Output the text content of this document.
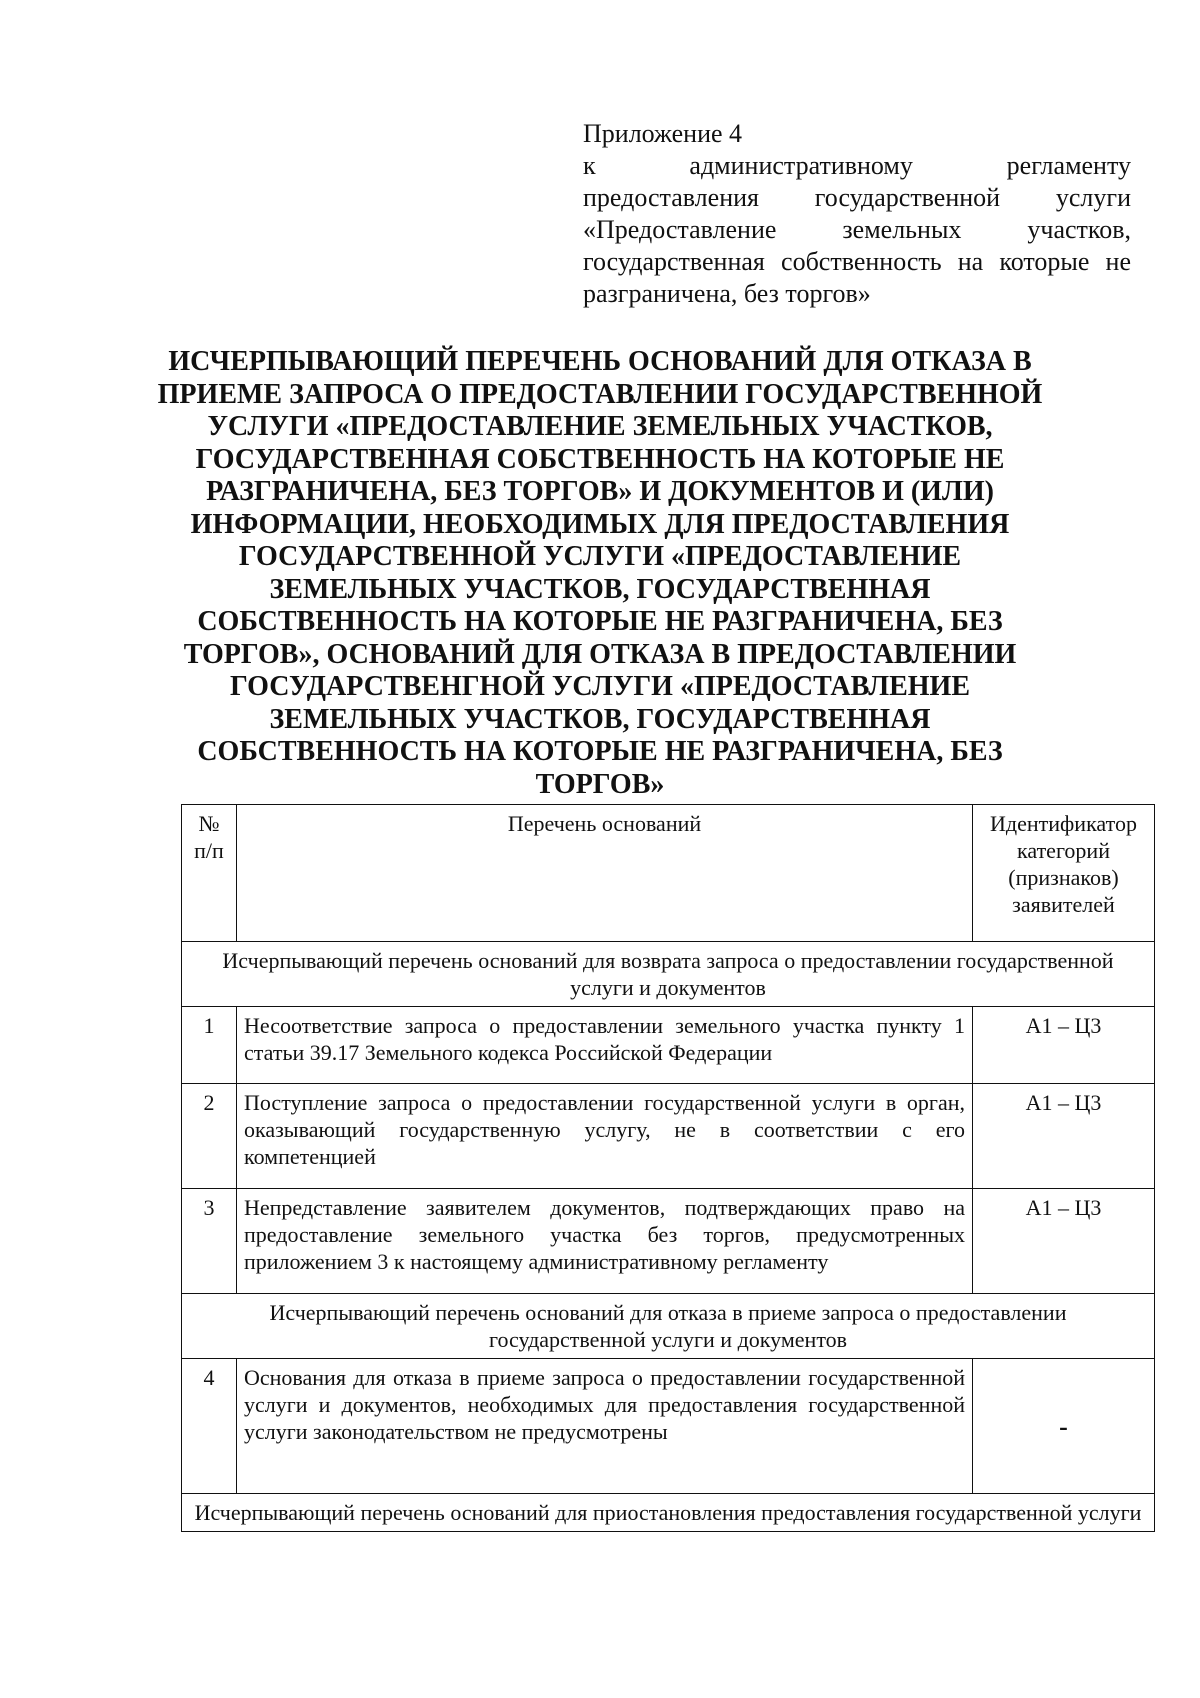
Приложение 4
к административному регламенту предоставления государственной услуги «Предоставление земельных участков, государственная собственность на которые не разграничена, без торгов»
ИСЧЕРПЫВАЮЩИЙ ПЕРЕЧЕНЬ ОСНОВАНИЙ ДЛЯ ОТКАЗА В ПРИЕМЕ ЗАПРОСА О ПРЕДОСТАВЛЕНИИ ГОСУДАРСТВЕННОЙ УСЛУГИ «ПРЕДОСТАВЛЕНИЕ ЗЕМЕЛЬНЫХ УЧАСТКОВ, ГОСУДАРСТВЕННАЯ СОБСТВЕННОСТЬ НА КОТОРЫЕ НЕ РАЗГРАНИЧЕНА, БЕЗ ТОРГОВ» И ДОКУМЕНТОВ И (ИЛИ) ИНФОРМАЦИИ, НЕОБХОДИМЫХ ДЛЯ ПРЕДОСТАВЛЕНИЯ ГОСУДАРСТВЕННОЙ УСЛУГИ «ПРЕДОСТАВЛЕНИЕ ЗЕМЕЛЬНЫХ УЧАСТКОВ, ГОСУДАРСТВЕННАЯ СОБСТВЕННОСТЬ НА КОТОРЫЕ НЕ РАЗГРАНИЧЕНА, БЕЗ ТОРГОВ», ОСНОВАНИЙ ДЛЯ ОТКАЗА В ПРЕДОСТАВЛЕНИИ ГОСУДАРСТВЕНГНОЙ УСЛУГИ «ПРЕДОСТАВЛЕНИЕ ЗЕМЕЛЬНЫХ УЧАСТКОВ, ГОСУДАРСТВЕННАЯ СОБСТВЕННОСТЬ НА КОТОРЫЕ НЕ РАЗГРАНИЧЕНА, БЕЗ ТОРГОВ»
№ п/п	Перечень оснований	Идентификатор категорий (признаков) заявителей
Исчерпывающий перечень оснований для возврата запроса о предоставлении государственной услуги и документов		
1	Несоответствие запроса о предоставлении земельного участка пункту 1 статьи 39.17 Земельного кодекса Российской Федерации	А1 – Ц3
2	Поступление запроса о предоставлении государственной услуги в орган, оказывающий государственную услугу, не в соответствии с его компетенцией	А1 – Ц3
3	Непредставление заявителем документов, подтверждающих право на предоставление земельного участка без торгов, предусмотренных приложением 3 к настоящему административному регламенту	А1 – Ц3
Исчерпывающий перечень оснований для отказа в приеме запроса о предоставлении государственной услуги и документов		
4	Основания для отказа в приеме запроса о предоставлении государственной услуги и документов, необходимых для предоставления государственной услуги законодательством не предусмотрены	-
Исчерпывающий перечень оснований для приостановления предоставления государственной услуги		
